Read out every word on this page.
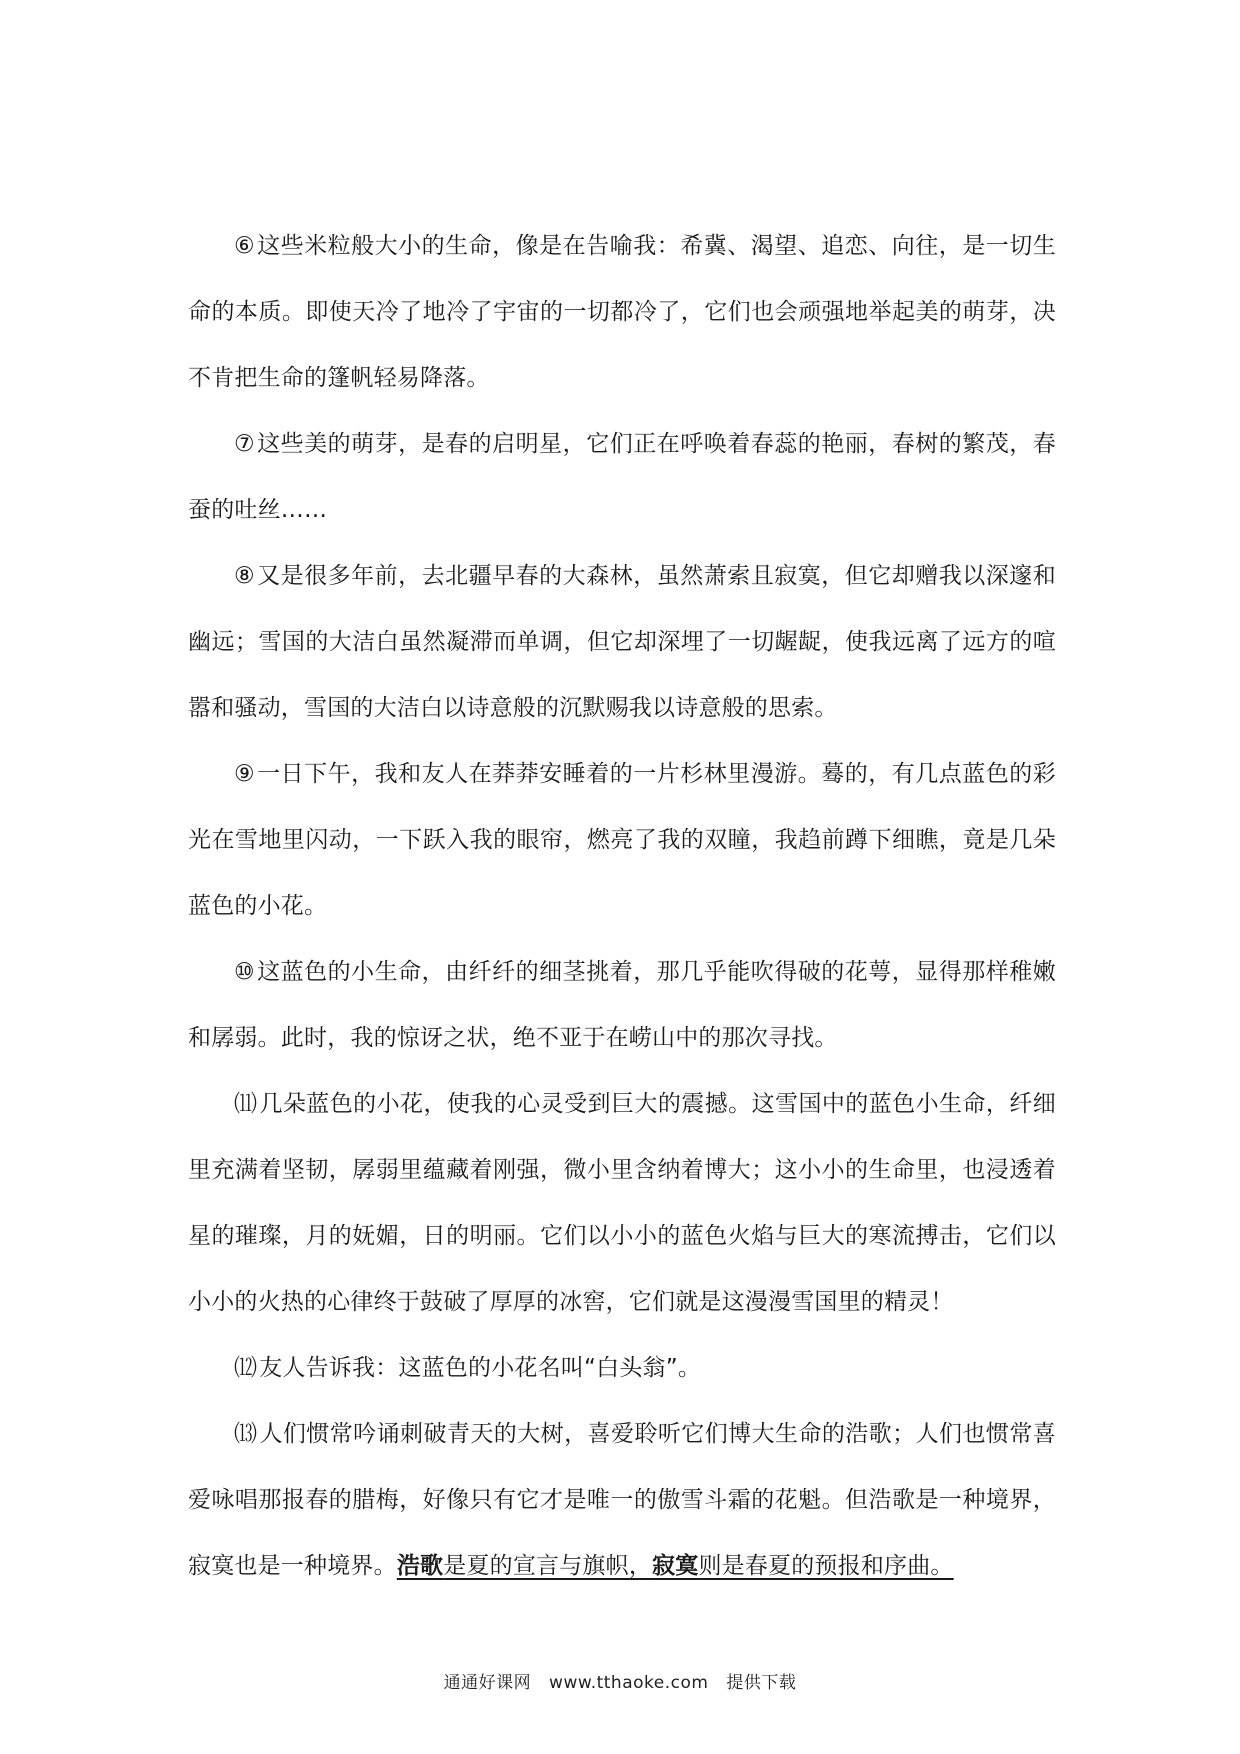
⑥这些米粒般大小的生命，像是在告喻我：希冀、渴望、追恋、向往，是一切生命的本质。即使天冷了地冷了宇宙的一切都冷了，它们也会顽强地举起美的萌芽，决不肯把生命的篷帆轻易降落。

⑦这些美的萌芽，是春的启明星，它们正在呼唤着春蕊的艳丽，春树的繁茂，春蚕的吐丝……

⑧又是很多年前，去北疆早春的大森林，虽然萧索且寂寞，但它却赠我以深邃和幽远；雪国的大洁白虽然凝滞而单调，但它却深埋了一切龌龊，使我远离了远方的喧嚣和骚动，雪国的大洁白以诗意般的沉默赐我以诗意般的思索。

⑨一日下午，我和友人在莽莽安睡着的一片杉林里漫游。蓦的，有几点蓝色的彩光在雪地里闪动，一下跃入我的眼帘，燃亮了我的双瞳，我趋前蹲下细瞧，竟是几朵蓝色的小花。

⑩这蓝色的小生命，由纤纤的细茎挑着，那几乎能吹得破的花萼，显得那样稚嫩和孱弱。此时，我的惊讶之状，绝不亚于在崂山中的那次寻找。

⑾几朵蓝色的小花，使我的心灵受到巨大的震撼。这雪国中的蓝色小生命，纤细里充满着坚韧，孱弱里蕴藏着刚强，微小里含纳着博大；这小小的生命里，也浸透着星的璀璨，月的妩媚，日的明丽。它们以小小的蓝色火焰与巨大的寒流搏击，它们以小小的火热的心律终于鼓破了厚厚的冰窖，它们就是这漫漫雪国里的精灵！

⑿友人告诉我：这蓝色的小花名叫“白头翁”。

⒀人们惯常吟诵刺破青天的大树，喜爱聆听它们博大生命的浩歌；人们也惯常喜爱咏唱那报春的腊梅，好像只有它才是唯一的傲雪斗霜的花魁。但浩歌是一种境界，寂寞也是一种境界。浩歌是夏的宣言与旗帜，寂寞则是春夏的预报和序曲。

通通好课网 www.tthaoke.com 提供下载
